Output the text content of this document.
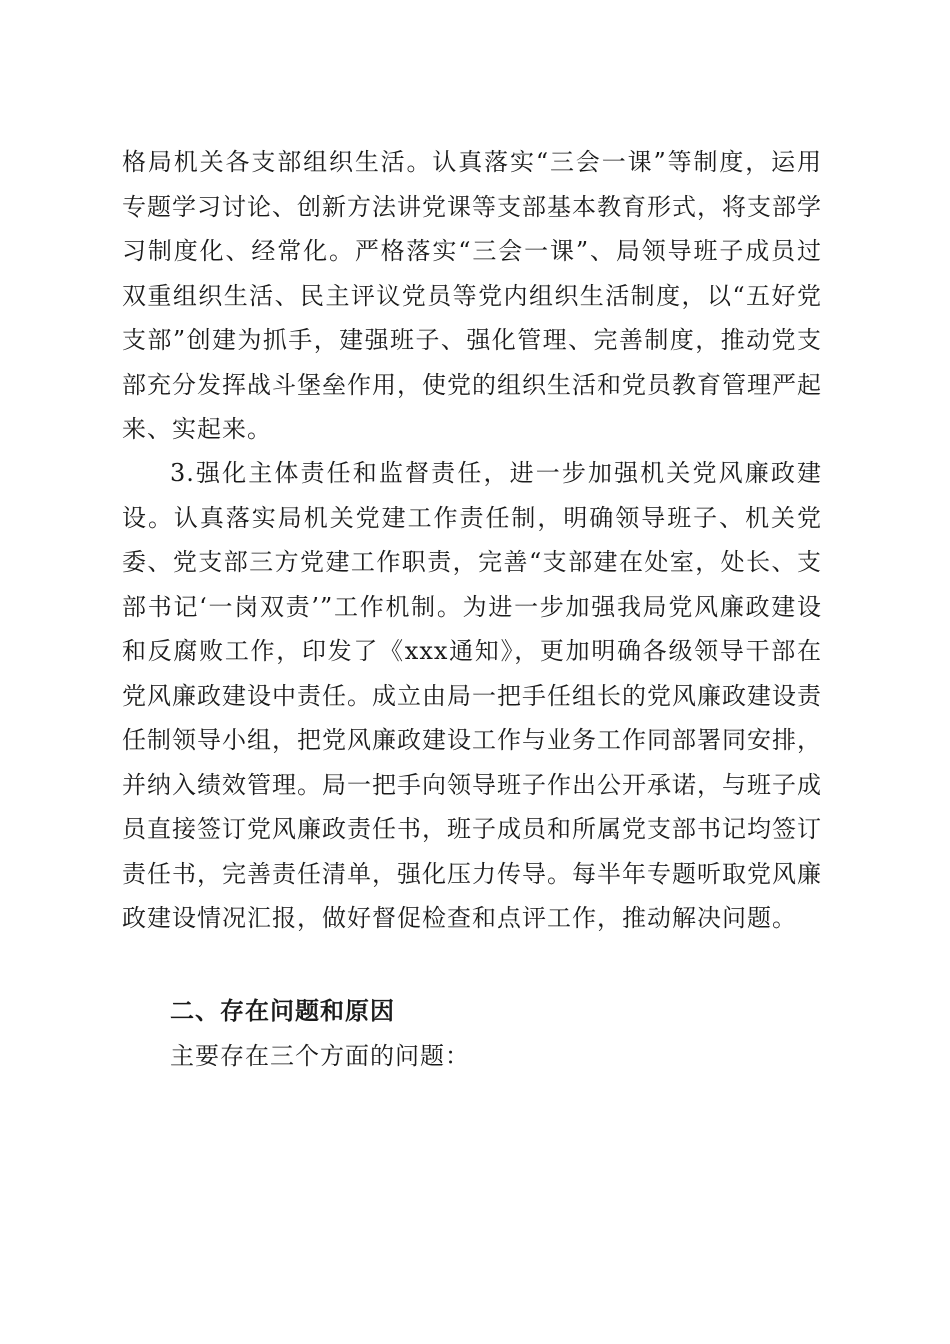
格局机关各支部组织生活。认真落实“三会一课”等制度，运用专题学习讨论、创新方法讲党课等支部基本教育形式，将支部学习制度化、经常化。严格落实“三会一课”、局领导班子成员过双重组织生活、民主评议党员等党内组织生活制度，以“五好党支部”创建为抓手，建强班子、强化管理、完善制度，推动党支部充分发挥战斗堡垒作用，使党的组织生活和党员教育管理严起来、实起来。

3.强化主体责任和监督责任，进一步加强机关党风廉政建设。认真落实局机关党建工作责任制，明确领导班子、机关党委、党支部三方党建工作职责，完善“支部建在处室，处长、支部书记‘一岗双责’”工作机制。为进一步加强我局党风廉政建设和反腐败工作，印发了《xxx通知》，更加明确各级领导干部在党风廉政建设中责任。成立由局一把手任组长的党风廉政建设责任制领导小组，把党风廉政建设工作与业务工作同部署同安排，并纳入绩效管理。局一把手向领导班子作出公开承诺，与班子成员直接签订党风廉政责任书，班子成员和所属党支部书记均签订责任书，完善责任清单，强化压力传导。每半年专题听取党风廉政建设情况汇报，做好督促检查和点评工作，推动解决问题。

二、存在问题和原因
主要存在三个方面的问题：
